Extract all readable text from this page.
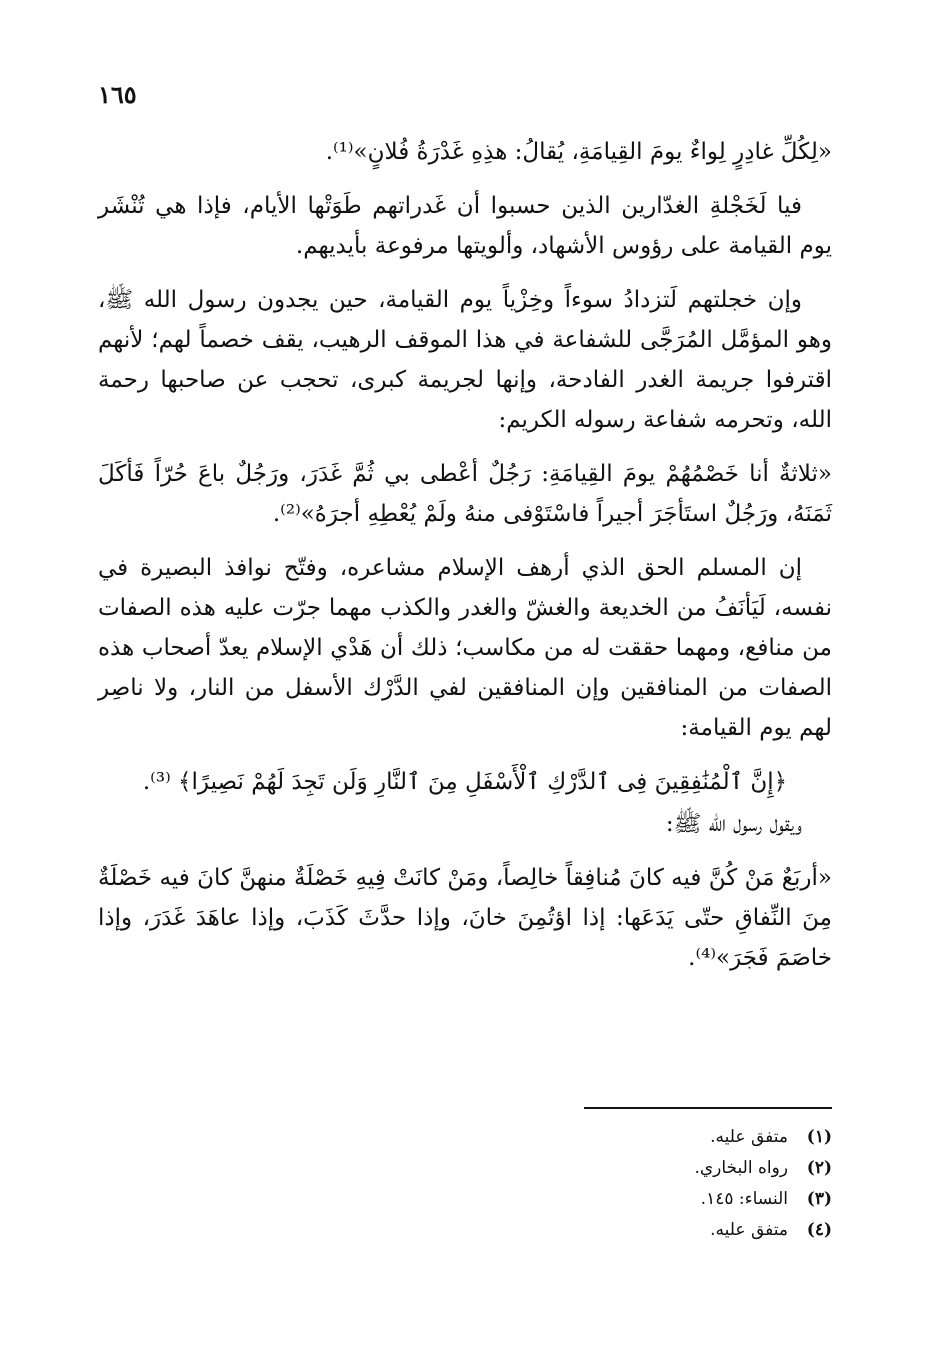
١٦٥

«لِكُلِّ غادِرٍ لِواءٌ يومَ القِيامَةِ، يُقالُ: هذِهِ غَدْرَةُ فُلانٍ»⁽¹⁾.

فيا لَخَجْلةِ الغدّارين الذين حسبوا أن غَدراتهم طَوَتْها الأيام، فإذا هي تُنْشَر يوم القيامة على رؤوس الأشهاد، وألويتها مرفوعة بأيديهم.

وإن خجلتهم لَتزدادُ سوءاً وخِزْياً يوم القيامة، حين يجدون رسول الله ﷺ، وهو المؤمَّل المُرَجَّى للشفاعة في هذا الموقف الرهيب، يقف خصماً لهم؛ لأنهم اقترفوا جريمة الغدر الفادحة، وإنها لجريمة كبرى، تحجب عن صاحبها رحمة الله، وتحرمه شفاعة رسوله الكريم:

«ثلاثةٌ أنا خَصْمُهُمْ يومَ القِيامَةِ: رَجُلٌ أعْطى بي ثُمَّ غَدَرَ، ورَجُلٌ باعَ حُرّاً فَأكَلَ ثَمَنَهُ، ورَجُلٌ استَأجَرَ أجيراً فاسْتَوْفى منهُ ولَمْ يُعْطِهِ أجرَهُ»⁽²⁾.

إن المسلم الحق الذي أرهف الإسلام مشاعره، وفتّح نوافذ البصيرة في نفسه، لَيَأنَفُ من الخديعة والغشّ والغدر والكذب مهما جرّت عليه هذه الصفات من منافع، ومهما حققت له من مكاسب؛ ذلك أن هَدْي الإسلام يعدّ أصحاب هذه الصفات من المنافقين وإن المنافقين لفي الدَّرْك الأسفل من النار، ولا ناصِر لهم يوم القيامة:

﴿إِنَّ ٱلْمُنَٰفِقِينَ فِى ٱلدَّرْكِ ٱلْأَسْفَلِ مِنَ ٱلنَّارِ وَلَن تَجِدَ لَهُمْ نَصِيرًا﴾ ⁽³⁾.

ويقول رسول الله ﷺ:

«أربَعٌ مَنْ كُنَّ فيه كانَ مُنافِقاً خالِصاً، ومَنْ كانَتْ فِيهِ خَصْلَةٌ منهنَّ كانَ فيه خَصْلَةٌ مِنَ النِّفاقِ حتّى يَدَعَها: إذا اؤتُمِنَ خانَ، وإذا حدَّثَ كَذَبَ، وإذا عاهَدَ غَدَرَ، وإذا خاصَمَ فَجَرَ»⁽⁴⁾.

(١)
متفق عليه.
(٢)
رواه البخاري.
(٣)
النساء: ١٤٥.
(٤)
متفق عليه.
